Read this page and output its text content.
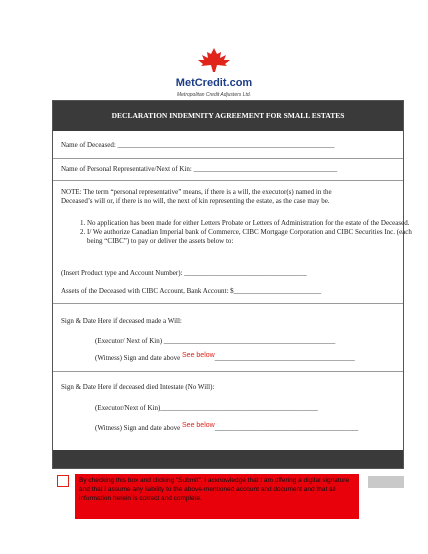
MetCredit.com
Metropolitan Credit Adjusters Ltd.
DECLARATION INDEMNITY AGREEMENT FOR SMALL ESTATES
Name of Deceased: ______________________________________________________________
Name of Personal Representative/Next of Kin: _________________________________________
NOTE: The term “personal representative” means, if there is a will, the executor(s) named in the
Deceased’s will or, if there is no will, the next of kin representing the estate, as the case may be.
1. No application has been made for either Letters Probate or Letters of Administration for the estate of the Deceased.
2. I/ We authorize Canadian Imperial bank of Commerce, CIBC Mortgage Corporation and CIBC Securities Inc. (each being “CIBC”) to pay or deliver the assets below to:
(Insert Product type and Account Number): ___________________________________
Assets of the Deceased with CIBC Account, Bank Account: $_________________________
Sign & Date Here if deceased made a Will:
(Executor/ Next of Kin) _________________________________________________
(Witness) Sign and date above See below________________________________________
Sign & Date Here if deceased died Intestate (No Will):
(Executor/Next of Kin)_____________________________________________
(Witness) Sign and date above See below_________________________________________
By checking this box and clicking "Submit", I acknowledge that I am offering a digital signature and that I assume any liability to the above-mentioned account and document and that all information herein is correct and complete.
